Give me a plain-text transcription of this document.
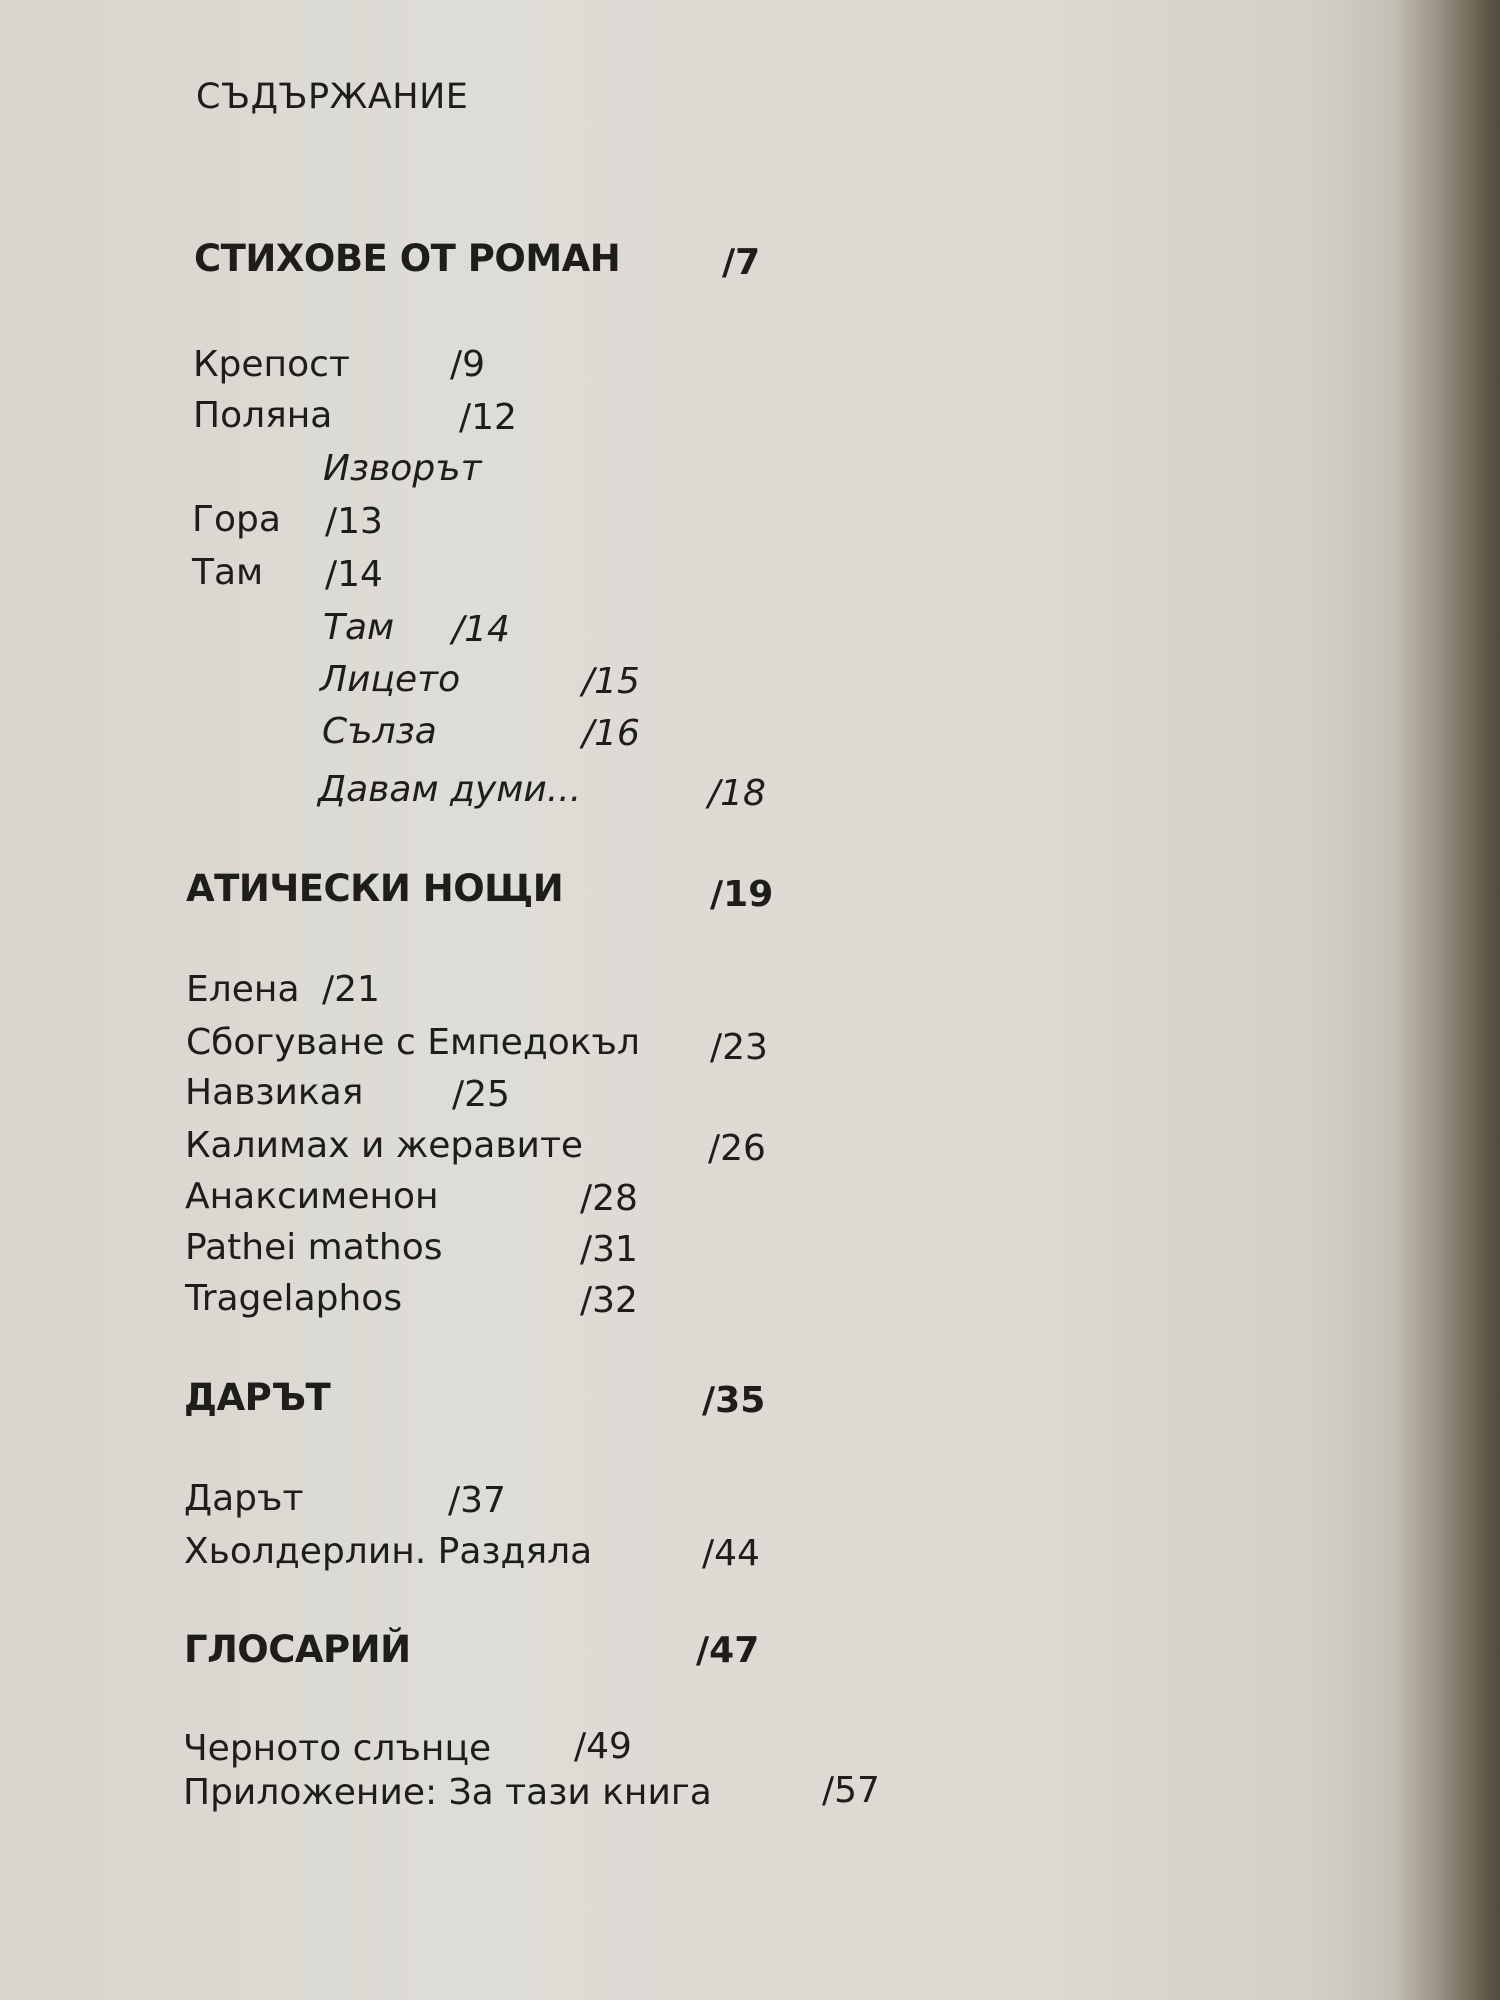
СЪДЪРЖАНИЕ
СТИХОВЕ ОТ РОМАН	/7
Крепост	/9
Поляна	/12
Изворът
Гора /13
Там /14
Там /14
Лицето	/15
Сълза	/16
Давам думи...	/18
АТИЧЕСКИ НОЩИ	/19
Елена /21
Сбогуване с Емпедокъл /23
Навзикая /25
Калимах и жеравите	/26
Анаксименон	/28
Pathei mathos	/31
Tragelaphos	/32
ДАРЪТ	/35
Дарът	/37
Хьолдерлин. Раздяла	/44
ГЛОСАРИЙ	/47
Черното слънце /49
Приложение: За тази книга	/57
